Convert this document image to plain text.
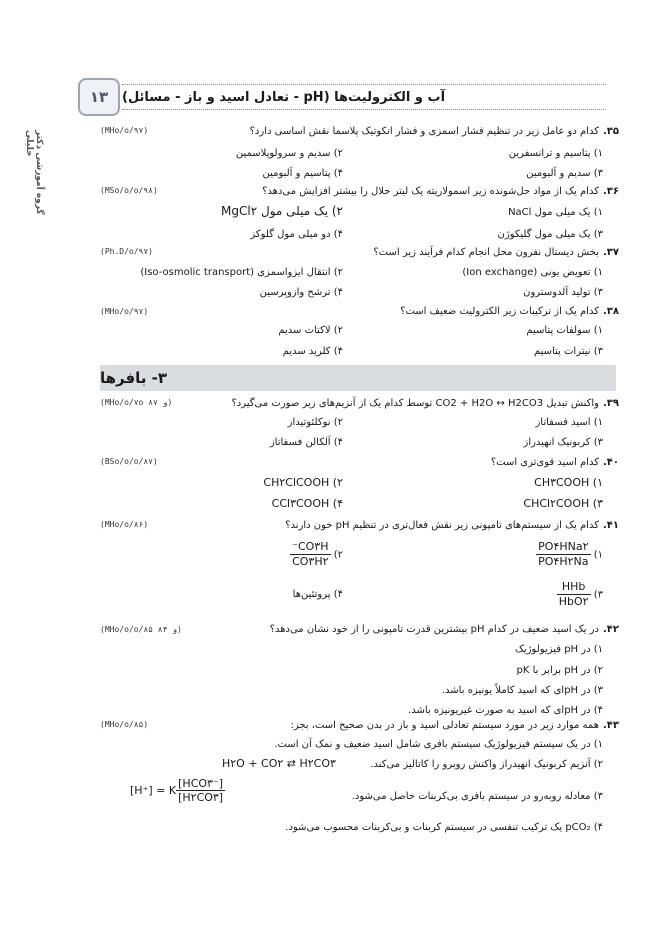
١٣	آب و الکترولیت‌ها (pH - تعادل اسید و باز - مسائل)
گروه آموزشی دکتر خلیلی	(MHo/o/۹۷)	۳۵.کدام دو عامل زیر در تنظیم فشار اسمزی و فشار انکوتیک پلاسما نقش اساسی دارد؟
۱) پتاسیم و ترانسفرین
۲) سدیم و سرولوپلاسمین
۳) سدیم و آلبومین
۴) پتاسیم و آلبومین
(MSo/o/o/۹۸)	۳۶.کدام یک از مواد حل‌شونده زیر اسمولاریته یک لیتر حلال را بیشتر افزایش می‌دهد؟
۱) یک میلی مول NaCl
۲) یک میلی مول MgCl۲
۳) یک میلی مول گلیکوژن
۴) دو میلی مول گلوکز
(Ph.D/o/۹۷)	۳۷.بخش دیستال نفرون محل انجام کدام فرآیند زیر است؟
۱) تعویض یونی (Ion exchange)
۲) انتقال ایزواسمزی (Iso-osmolic transport)
۳) تولید آلدوسترون
۴) ترشح وازوپرسین
(MHo/o/۹۷)	۳۸.کدام یک از ترکیبات زیر الکترولیت ضعیف است؟
۱) سولفات پتاسیم
۲) لاکتات سدیم
۳) نیترات پتاسیم
۴) کلرید سدیم
۳- بافرها
(MHo/o/۷o و ۸۷)	۳۹.واکنش تبدیل CO2 + H2O ↔ H2CO3 توسط کدام یک از آنزیم‌های زیر صورت می‌گیرد؟
۱) اسید فسفاتاز
۲) نوکلئوتیداز
۳) کربونیک انهیدراز
۴) آلکالن فسفاتاز
(BSo/o/o/۸۷)	۴۰.کدام اسید قوی‌تری است؟
۱) CH۳COOH
۲) CH۲ClCOOH
۳) CHCl۲COOH
۴) CCl۳COOH
(MHo/o/۸۶)	۴۱.کدام یک از سیستم‌های تامپونی زیر نقش فعال‌تری در تنظیم pH خون دارند؟
۱)
$\frac{\text{PO۴HNa۲}}{PO۴H۲Na}$
۲)
$\frac{CO۳H^-}{CO۳H۲}$
۳)
$\frac{\text{HHb}}{\text{HbO۲}}$
۴) پروتئین‌ها
(MHo/o/o/۸۵ و ۸۴)	۴۲.در یک اسید ضعیف در کدام pH بیشترین قدرت تامپونی را از خود نشان می‌دهد؟
۱) در pH فیزیولوژیک
۲) در pH برابر با pK
۳) در pHای که اسید کاملاً یونیزه باشد.
۴) در pHای که اسید به صورت غیریونیزه باشد.
(MHo/o/۸۵)	۴۳.همه موارد زیر در مورد سیستم تعادلی اسید و باز در بدن صحیح است، بجز:
۱) در یک سیستم فیزیولوژیک سیستم بافری شامل اسید ضعیف و نمک آن است.
۲) آنزیم کربونیک انهیدراز واکنش روبرو را کاتالیز می‌کند.
H۲O + CO۲ ⇄ H۲CO۳
۳) معادله روبه‌رو در سیستم بافری بی‌کربنات حاصل می‌شود.
[H⁺] = K $\frac{\text{[HCO۳⁻]}}{[H۲CO۳]}$
۴) pCO₂ یک ترکیب تنفسی در سیستم کربنات و بی‌کربنات محسوب می‌شود.
